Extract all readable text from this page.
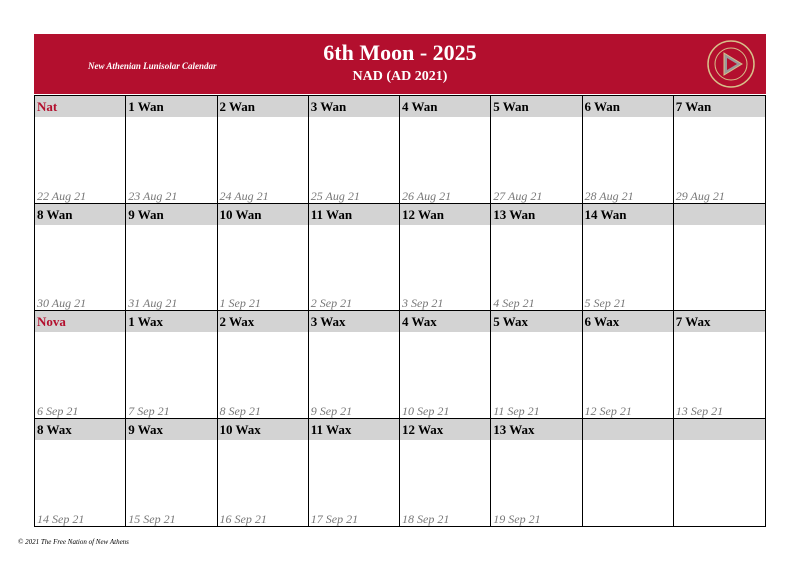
New Athenian Lunisolar Calendar
6th Moon - 2025
NAD (AD 2021)
Nat
22 Aug 21
1 Wan
23 Aug 21
2 Wan
24 Aug 21
3 Wan
25 Aug 21
4 Wan
26 Aug 21
5 Wan
27 Aug 21
6 Wan
28 Aug 21
7 Wan
29 Aug 21
8 Wan
30 Aug 21
9 Wan
31 Aug 21
10 Wan
1 Sep 21
11 Wan
2 Sep 21
12 Wan
3 Sep 21
13 Wan
4 Sep 21
14 Wan
5 Sep 21
Nova
6 Sep 21
1 Wax
7 Sep 21
2 Wax
8 Sep 21
3 Wax
9 Sep 21
4 Wax
10 Sep 21
5 Wax
11 Sep 21
6 Wax
12 Sep 21
7 Wax
13 Sep 21
8 Wax
14 Sep 21
9 Wax
15 Sep 21
10 Wax
16 Sep 21
11 Wax
17 Sep 21
12 Wax
18 Sep 21
13 Wax
19 Sep 21
© 2021 The Free Nation of New Athens
